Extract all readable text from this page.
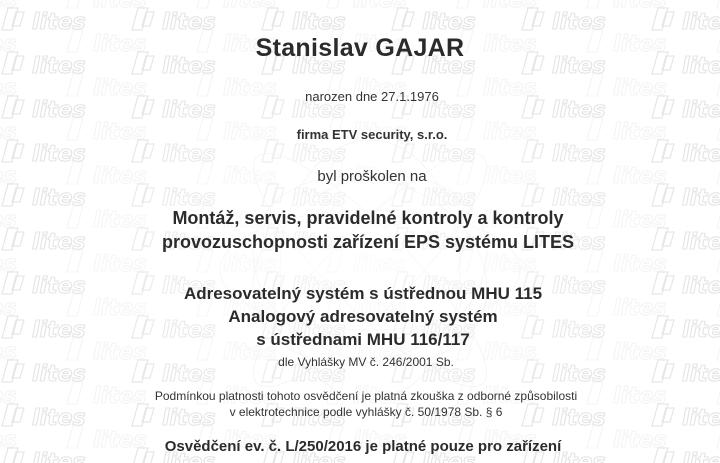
Stanislav GAJAR
narozen dne 27.1.1976
firma ETV security, s.r.o.
byl proškolen na
Montáž, servis, pravidelné kontroly a kontroly
provozuschopnosti zařízení EPS systému LITES
Adresovatelný systém s ústřednou MHU 115
Analogový adresovatelný systém
s ústřednami MHU 116/117
dle Vyhlášky MV č. 246/2001 Sb.
Podmínkou platnosti tohoto osvědčení je platná zkouška z odborné způsobilosti
v elektrotechnice podle vyhlášky č. 50/1978 Sb. § 6
Osvědčení ev. č. L/250/2016 je platné pouze pro zařízení
